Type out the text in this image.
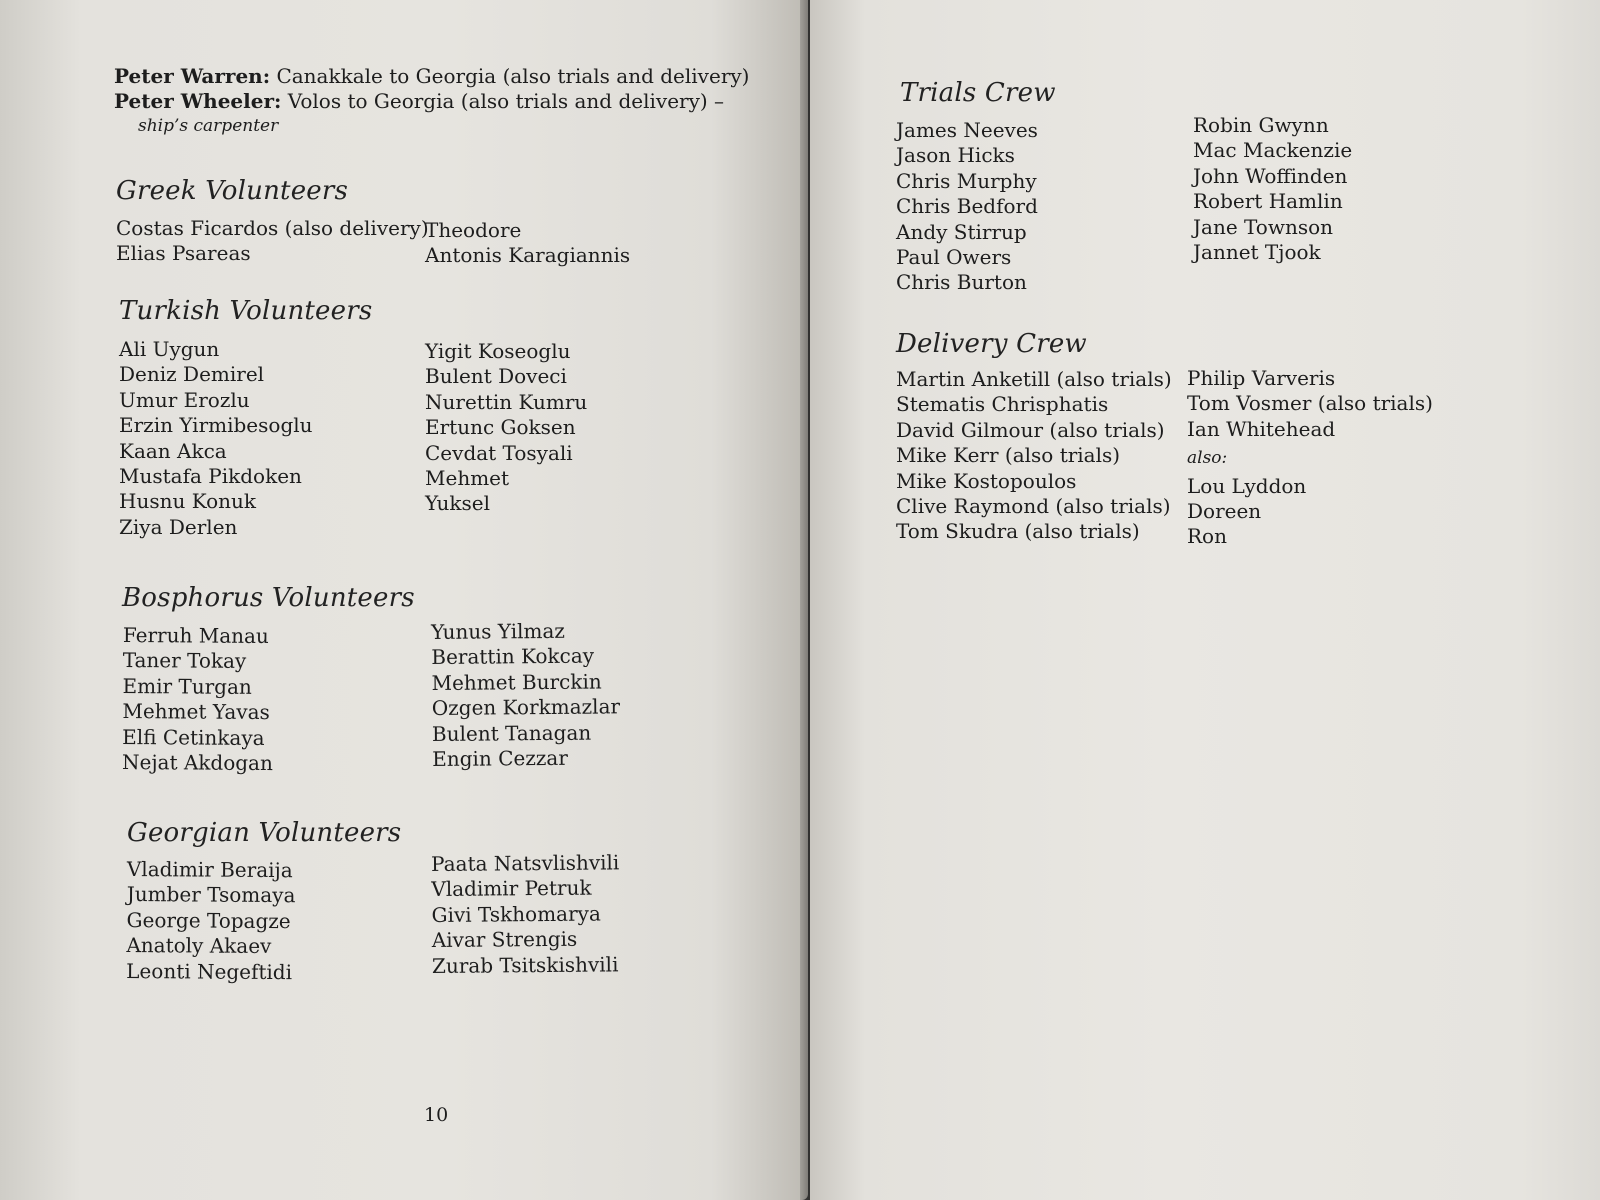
Peter Warren: Canakkale to Georgia (also trials and delivery)
Peter Wheeler: Volos to Georgia (also trials and delivery) –
ship’s carpenter
Greek Volunteers
Costas Ficardos (also delivery)
Elias Psareas
Theodore
Antonis Karagiannis
Turkish Volunteers
Ali Uygun
Deniz Demirel
Umur Erozlu
Erzin Yirmibesoglu
Kaan Akca
Mustafa Pikdoken
Husnu Konuk
Ziya Derlen
Yigit Koseoglu
Bulent Doveci
Nurettin Kumru
Ertunc Goksen
Cevdat Tosyali
Mehmet
Yuksel
Bosphorus Volunteers
Ferruh Manau
Taner Tokay
Emir Turgan
Mehmet Yavas
Elfi Cetinkaya
Nejat Akdogan
Yunus Yilmaz
Berattin Kokcay
Mehmet Burckin
Ozgen Korkmazlar
Bulent Tanagan
Engin Cezzar
Georgian Volunteers
Vladimir Beraija
Jumber Tsomaya
George Topagze
Anatoly Akaev
Leonti Negeftidi
Paata Natsvlishvili
Vladimir Petruk
Givi Tskhomarya
Aivar Strengis
Zurab Tsitskishvili
10
Trials Crew
James Neeves
Jason Hicks
Chris Murphy
Chris Bedford
Andy Stirrup
Paul Owers
Chris Burton
Robin Gwynn
Mac Mackenzie
John Woffinden
Robert Hamlin
Jane Townson
Jannet Tjook
Delivery Crew
Martin Anketill (also trials)
Stematis Chrisphatis
David Gilmour (also trials)
Mike Kerr (also trials)
Mike Kostopoulos
Clive Raymond (also trials)
Tom Skudra (also trials)
Philip Varveris
Tom Vosmer (also trials)
Ian Whitehead
also:
Lou Lyddon
Doreen
Ron
